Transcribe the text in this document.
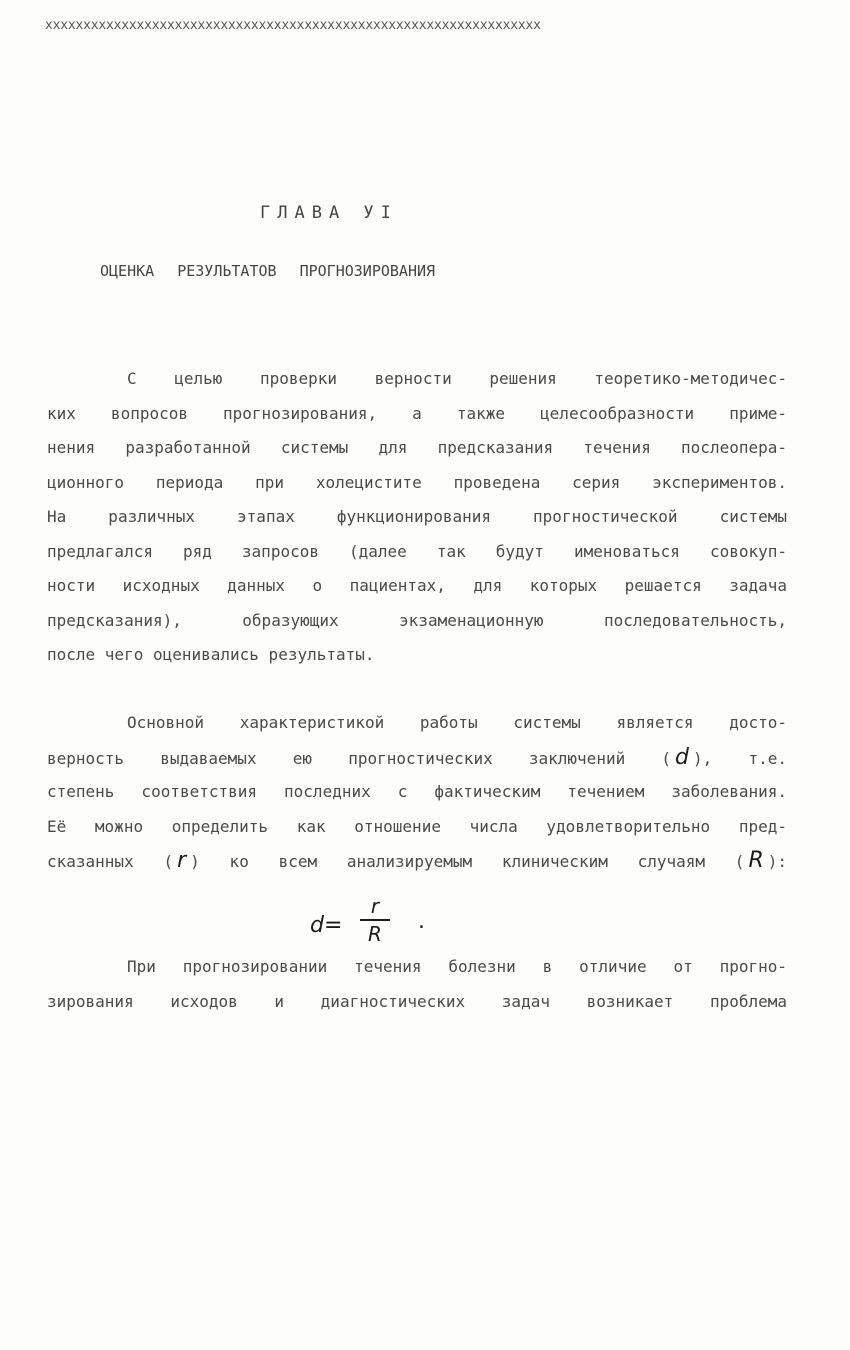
xxxxxxxxxxxxxxxxxxxxxxxxxxxxxxxxxxxxxxxxxxxxxxxxxxxxxxxxxxxxxxxxx
ГЛАВА УI
ОЦЕНКА РЕЗУЛЬТАТОВ ПРОГНОЗИРОВАНИЯ
С целью проверки верности решения теоретико-методичес-
ких вопросов прогнозирования, а также целесообразности приме-
нения разработанной системы для предсказания течения послеопера-
ционного периода при холецистите проведена серия экспериментов.
На различных этапах функционирования прогностической системы
предлагался ряд запросов (далее так будут именоваться совокуп-
ности исходных данных о пациентах, для которых решается задача
предсказания), образующих экзаменационную последовательность,
после чего оценивались результаты.
Основной характеристикой работы системы является досто-
верность выдаваемых ею прогностических заключений ( d ), т.е.
степень соответствия последних с фактическим течением заболевания.
Её можно определить как отношение числа удовлетворительно пред-
сказанных ( r ) ко всем анализируемым клиническим случаям ( R ):
d=
r
R	.
При прогнозировании течения болезни в отличие от прогно-
зирования исходов и диагностических задач возникает проблема
